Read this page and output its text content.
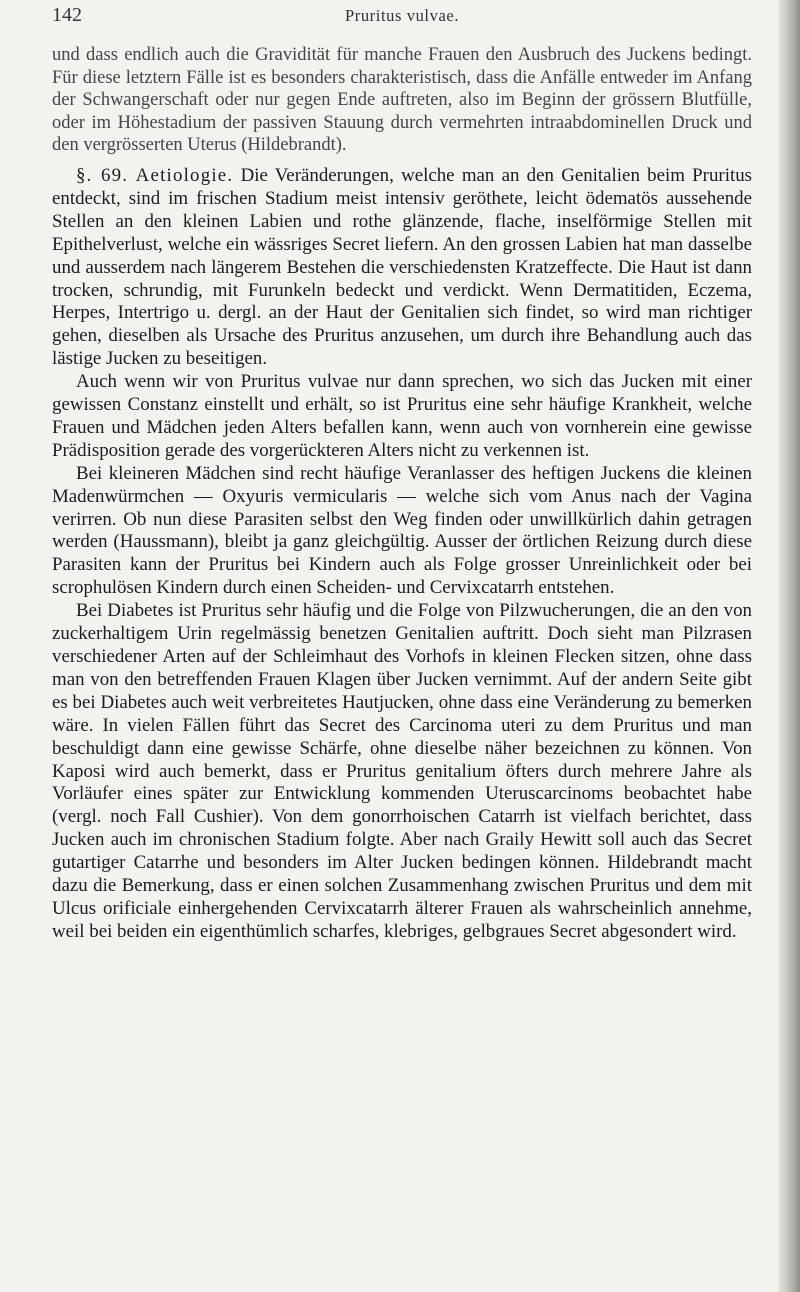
142	Pruritus vulvae.

und dass endlich auch die Gravidität für manche Frauen den Ausbruch des Juckens bedingt. Für diese letztern Fälle ist es besonders charakteristisch, dass die Anfälle entweder im Anfang der Schwangerschaft oder nur gegen Ende auftreten, also im Beginn der grössern Blutfülle, oder im Höhestadium der passiven Stauung durch vermehrten intraabdominellen Druck und den vergrösserten Uterus (Hildebrandt).

§. 69. Aetiologie. Die Veränderungen, welche man an den Genitalien beim Pruritus entdeckt, sind im frischen Stadium meist intensiv geröthete, leicht ödematös aussehende Stellen an den kleinen Labien und rothe glänzende, flache, inselförmige Stellen mit Epithelverlust, welche ein wässriges Secret liefern. An den grossen Labien hat man dasselbe und ausserdem nach längerem Bestehen die verschiedensten Kratzeffecte. Die Haut ist dann trocken, schrundig, mit Furunkeln bedeckt und verdickt. Wenn Dermatitiden, Eczema, Herpes, Intertrigo u. dergl. an der Haut der Genitalien sich findet, so wird man richtiger gehen, dieselben als Ursache des Pruritus anzusehen, um durch ihre Behandlung auch das lästige Jucken zu beseitigen.

Auch wenn wir von Pruritus vulvae nur dann sprechen, wo sich das Jucken mit einer gewissen Constanz einstellt und erhält, so ist Pruritus eine sehr häufige Krankheit, welche Frauen und Mädchen jeden Alters befallen kann, wenn auch von vornherein eine gewisse Prädisposition gerade des vorgerückteren Alters nicht zu verkennen ist.

Bei kleineren Mädchen sind recht häufige Veranlasser des heftigen Juckens die kleinen Madenwürmchen — Oxyuris vermicularis — welche sich vom Anus nach der Vagina verirren. Ob nun diese Parasiten selbst den Weg finden oder unwillkürlich dahin getragen werden (Haussmann), bleibt ja ganz gleichgültig. Ausser der örtlichen Reizung durch diese Parasiten kann der Pruritus bei Kindern auch als Folge grosser Unreinlichkeit oder bei scrophulösen Kindern durch einen Scheiden- und Cervixcatarrh entstehen.

Bei Diabetes ist Pruritus sehr häufig und die Folge von Pilzwucherungen, die an den von zuckerhaltigem Urin regelmässig benetzen Genitalien auftritt. Doch sieht man Pilzrasen verschiedener Arten auf der Schleimhaut des Vorhofs in kleinen Flecken sitzen, ohne dass man von den betreffenden Frauen Klagen über Jucken vernimmt. Auf der andern Seite gibt es bei Diabetes auch weit verbreitetes Hautjucken, ohne dass eine Veränderung zu bemerken wäre. In vielen Fällen führt das Secret des Carcinoma uteri zu dem Pruritus und man beschuldigt dann eine gewisse Schärfe, ohne dieselbe näher bezeichnen zu können. Von Kaposi wird auch bemerkt, dass er Pruritus genitalium öfters durch mehrere Jahre als Vorläufer eines später zur Entwicklung kommenden Uteruscarcinoms beobachtet habe (vergl. noch Fall Cushier). Von dem gonorrhoischen Catarrh ist vielfach berichtet, dass Jucken auch im chronischen Stadium folgte. Aber nach Graily Hewitt soll auch das Secret gutartiger Catarrhe und besonders im Alter Jucken bedingen können. Hildebrandt macht dazu die Bemerkung, dass er einen solchen Zusammenhang zwischen Pruritus und dem mit Ulcus orificiale einhergehenden Cervixcatarrh älterer Frauen als wahrscheinlich annehme, weil bei beiden ein eigenthümlich scharfes, klebriges, gelbgraues Secret abgesondert wird.
